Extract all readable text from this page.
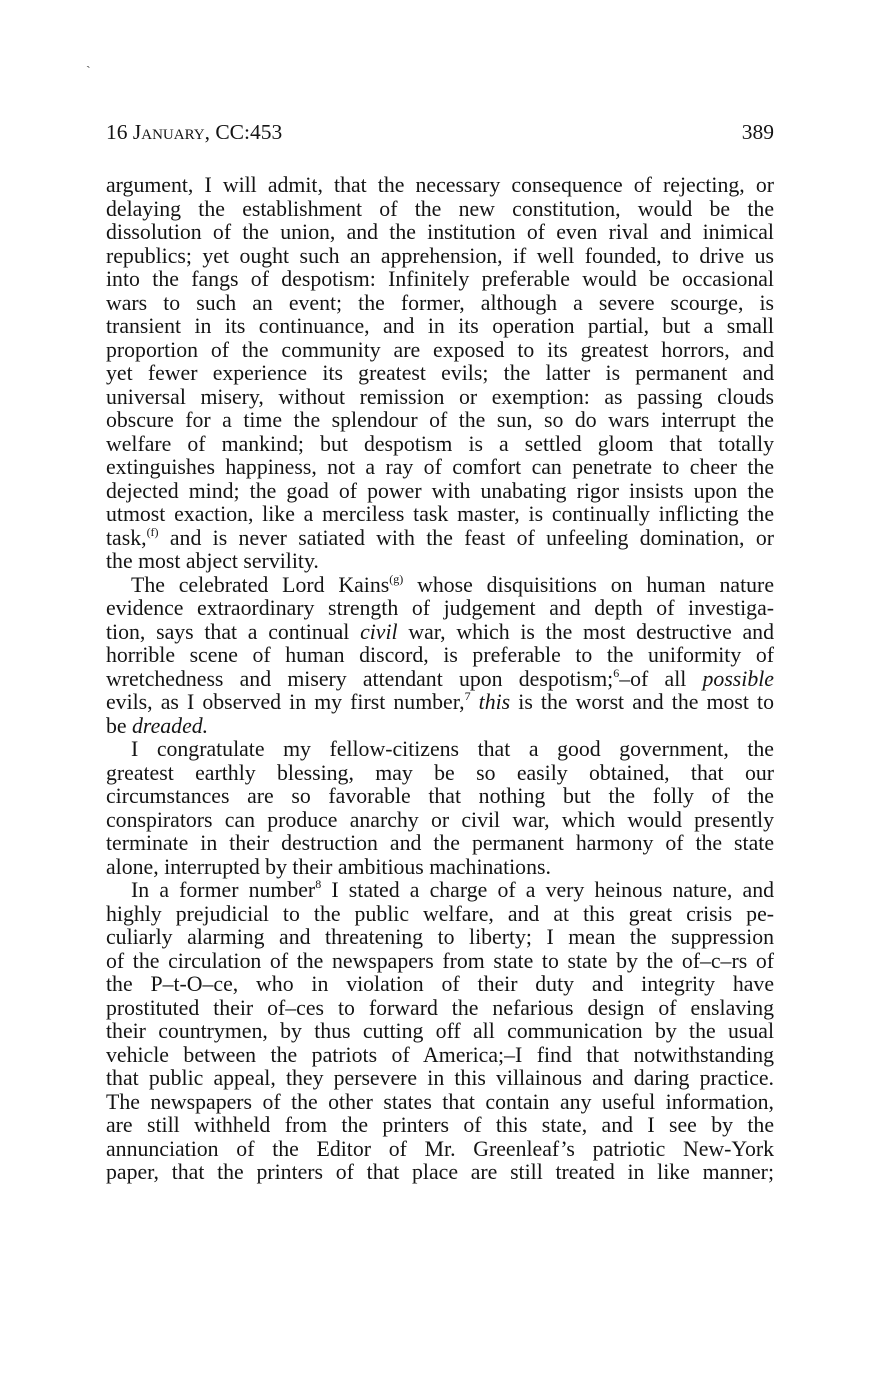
ˎ
16 January, CC:453	389
argument, I will admit, that the necessary consequence of rejecting, or
delaying the establishment of the new constitution, would be the
dissolution of the union, and the institution of even rival and inimical
republics; yet ought such an apprehension, if well founded, to drive us
into the fangs of despotism: Infinitely preferable would be occasional
wars to such an event; the former, although a severe scourge, is
transient in its continuance, and in its operation partial, but a small
proportion of the community are exposed to its greatest horrors, and
yet fewer experience its greatest evils; the latter is permanent and
universal misery, without remission or exemption: as passing clouds
obscure for a time the splendour of the sun, so do wars interrupt the
welfare of mankind; but despotism is a settled gloom that totally
extinguishes happiness, not a ray of comfort can penetrate to cheer the
dejected mind; the goad of power with unabating rigor insists upon the
utmost exaction, like a merciless task master, is continually inflicting the
task,$^{(f)}$ and is never satiated with the feast of unfeeling domination, or
the most abject servility.
The celebrated Lord Kains$^{(g)}$ whose disquisitions on human nature
evidence extraordinary strength of judgement and depth of investiga-
tion, says that a continual civil war, which is the most destructive and
horrible scene of human discord, is preferable to the uniformity of
wretchedness and misery attendant upon despotism;$^6$–of all possible
evils, as I observed in my first number,$^7$ this is the worst and the most to
be dreaded.
I congratulate my fellow-citizens that a good government, the
greatest earthly blessing, may be so easily obtained, that our
circumstances are so favorable that nothing but the folly of the
conspirators can produce anarchy or civil war, which would presently
terminate in their destruction and the permanent harmony of the state
alone, interrupted by their ambitious machinations.
In a former number$^8$ I stated a charge of a very heinous nature, and
highly prejudicial to the public welfare, and at this great crisis pe-
culiarly alarming and threatening to liberty; I mean the suppression
of the circulation of the newspapers from state to state by the of–c–rs of
the P–t-O–ce, who in violation of their duty and integrity have
prostituted their of–ces to forward the nefarious design of enslaving
their countrymen, by thus cutting off all communication by the usual
vehicle between the patriots of America;–I find that notwithstanding
that public appeal, they persevere in this villainous and daring practice.
The newspapers of the other states that contain any useful information,
are still withheld from the printers of this state, and I see by the
annunciation of the Editor of Mr. Greenleaf’s patriotic New-York
paper, that the printers of that place are still treated in like manner;
